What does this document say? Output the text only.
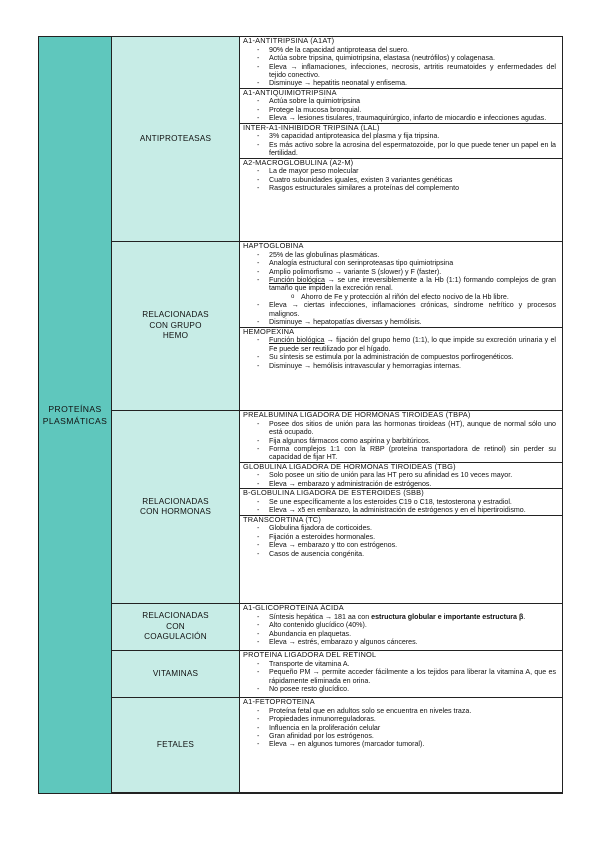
PROTEÍNAS
PLASMÁTICAS
ANTIPROTEASAS
A1-ANTITRIPSINA (A1AT)
- 90% de la capacidad antiproteasa del suero.
- Actúa sobre tripsina, quimiotripsina, elastasa (neutrófilos) y colagenasa.
- Eleva → inflamaciones, infecciones, necrosis, artritis reumatoides y enfermedades del tejido conectivo.
- Disminuye → hepatitis neonatal y enfisema.
A1-ANTIQUIMIOTRIPSINA
- Actúa sobre la quimiotripsina
- Protege la mucosa bronquial.
- Eleva → lesiones tisulares, traumaquirúrgico, infarto de miocardio e infecciones agudas.
INTER-A1-INHIBIDOR TRIPSINA (LAL)
- 3% capacidad antiproteasica del plasma y fija tripsina.
- Es más activo sobre la acrosina del espermatozoide, por lo que puede tener un papel en la fertilidad.
A2-MACROGLOBULINA (A2-M)
- La de mayor peso molecular
- Cuatro subunidades iguales, existen 3 variantes genéticas
- Rasgos estructurales similares a proteínas del complemento
RELACIONADAS
CON GRUPO
HEMO
HAPTOGLOBINA
- 25% de las globulinas plasmáticas.
- Analogía estructural con serinproteasas tipo quimiotripsina
- Amplio polimorfismo → variante S (slower) y F (faster).
- Función biológica → se une irreversiblemente a la Hb (1:1) formando complejos de gran tamaño que impiden la excreción renal.
o Ahorro de Fe y protección al riñón del efecto nocivo de la Hb libre.
- Eleva → ciertas infecciones, inflamaciones crónicas, síndrome nefrítico y procesos malignos.
- Disminuye → hepatopatías diversas y hemólisis.
HEMOPEXINA
- Función biológica → fijación del grupo hemo (1:1), lo que impide su excreción urinaria y el Fe puede ser reutilizado por el hígado.
- Su síntesis se estimula por la administración de compuestos porfirogenéticos.
- Disminuye → hemólisis intravascular y hemorragias internas.
RELACIONADAS
CON HORMONAS
PREALBUMINA LIGADORA DE HORMONAS TIROIDEAS (TBPA)
- Posee dos sitios de unión para las hormonas tiroideas (HT), aunque de normal sólo uno está ocupado.
- Fija algunos fármacos como aspirina y barbitúricos.
- Forma complejos 1:1 con la RBP (proteína transportadora de retinol) sin perder su capacidad de fijar HT.
GLOBULINA LIGADORA DE HORMONAS TIROIDEAS (TBG)
- Solo posee un sitio de unión para las HT pero su afinidad es 10 veces mayor.
- Eleva → embarazo y administración de estrógenos.
B-GLOBULINA LIGADORA DE ESTEROIDES (SBB)
- Se une específicamente a los esteroides C19 o C18, testosterona y estradiol.
- Eleva → x5 en embarazo, la administración de estrógenos y en el hipertiroidismo.
TRANSCORTINA (TC)
- Globulina fijadora de corticoides.
- Fijación a esteroides hormonales.
- Eleva → embarazo y tto con estrógenos.
- Casos de ausencia congénita.
RELACIONADAS
CON
COAGULACIÓN
A1-GLICOPROTEINA ÁCIDA
- Síntesis hepática → 181 aa con estructura globular e importante estructura β.
- Alto contenido glucídico (40%).
- Abundancia en plaquetas.
- Eleva → estrés, embarazo y algunos cánceres.
VITAMINAS
PROTEINA LIGADORA DEL RETINOL
- Transporte de vitamina A.
- Pequeño PM → permite acceder fácilmente a los tejidos para liberar la vitamina A, que es rápidamente eliminada en orina.
- No posee resto glucídico.
FETALES
A1-FETOPROTEINA
- Proteína fetal que en adultos solo se encuentra en niveles traza.
- Propiedades inmunorreguladoras.
- Influencia en la proliferación celular
- Gran afinidad por los estrógenos.
- Eleva → en algunos tumores (marcador tumoral).
